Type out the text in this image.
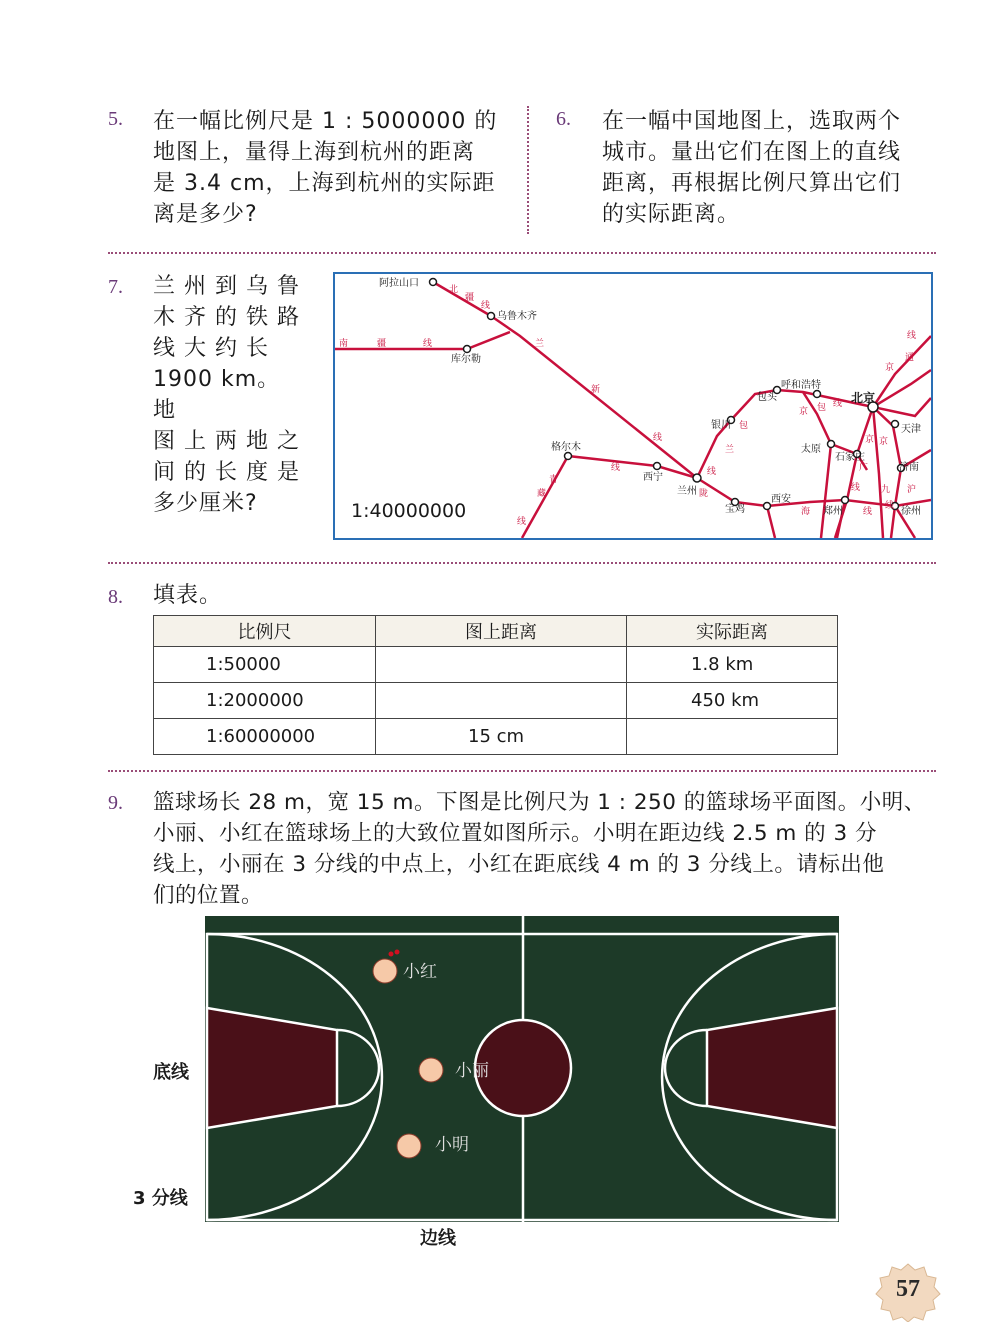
5. 在一幅比例尺是 1 : 5000000 的
地图上，量得上海到杭州的距离
是 3.4 cm，上海到杭州的实际距
离是多少?
6. 在一幅中国地图上，选取两个
城市。量出它们在图上的直线
距离，再根据比例尺算出它们
的实际距离。
7. 兰 州 到 乌 鲁
木 齐 的 铁 路
线 大 约 长
1900 km。地
图 上 两 地 之
间 的 长 度 是
多少厘米?
阿拉山口
乌鲁木齐
库尔勒
格尔木
西宁
兰州
银川
包头
呼和浩特
北京
天津
太原
石家庄
济南
西安
宝鸡	郑州	徐州
北
疆
线
南	疆	线	兰
新
线
青
藏
线
线	线
兰
包
京 包 线
陇
海	线
京
广
线
京
九
线
沪
线
京
通
1:40000000
8. 填表。
比例尺	图上距离	实际距离
1:50000		1.8 km
1:2000000		450 km
1:60000000	15 cm	
9. 篮球场长 28 m，宽 15 m。下图是比例尺为 1 : 250 的篮球场平面图。小明、
小丽、小红在篮球场上的大致位置如图所示。小明在距边线 2.5 m 的 3 分
线上，小丽在 3 分线的中点上，小红在距底线 4 m 的 3 分线上。请标出他
们的位置。
小红
小丽
小明
底线
3 分线
边线
57
